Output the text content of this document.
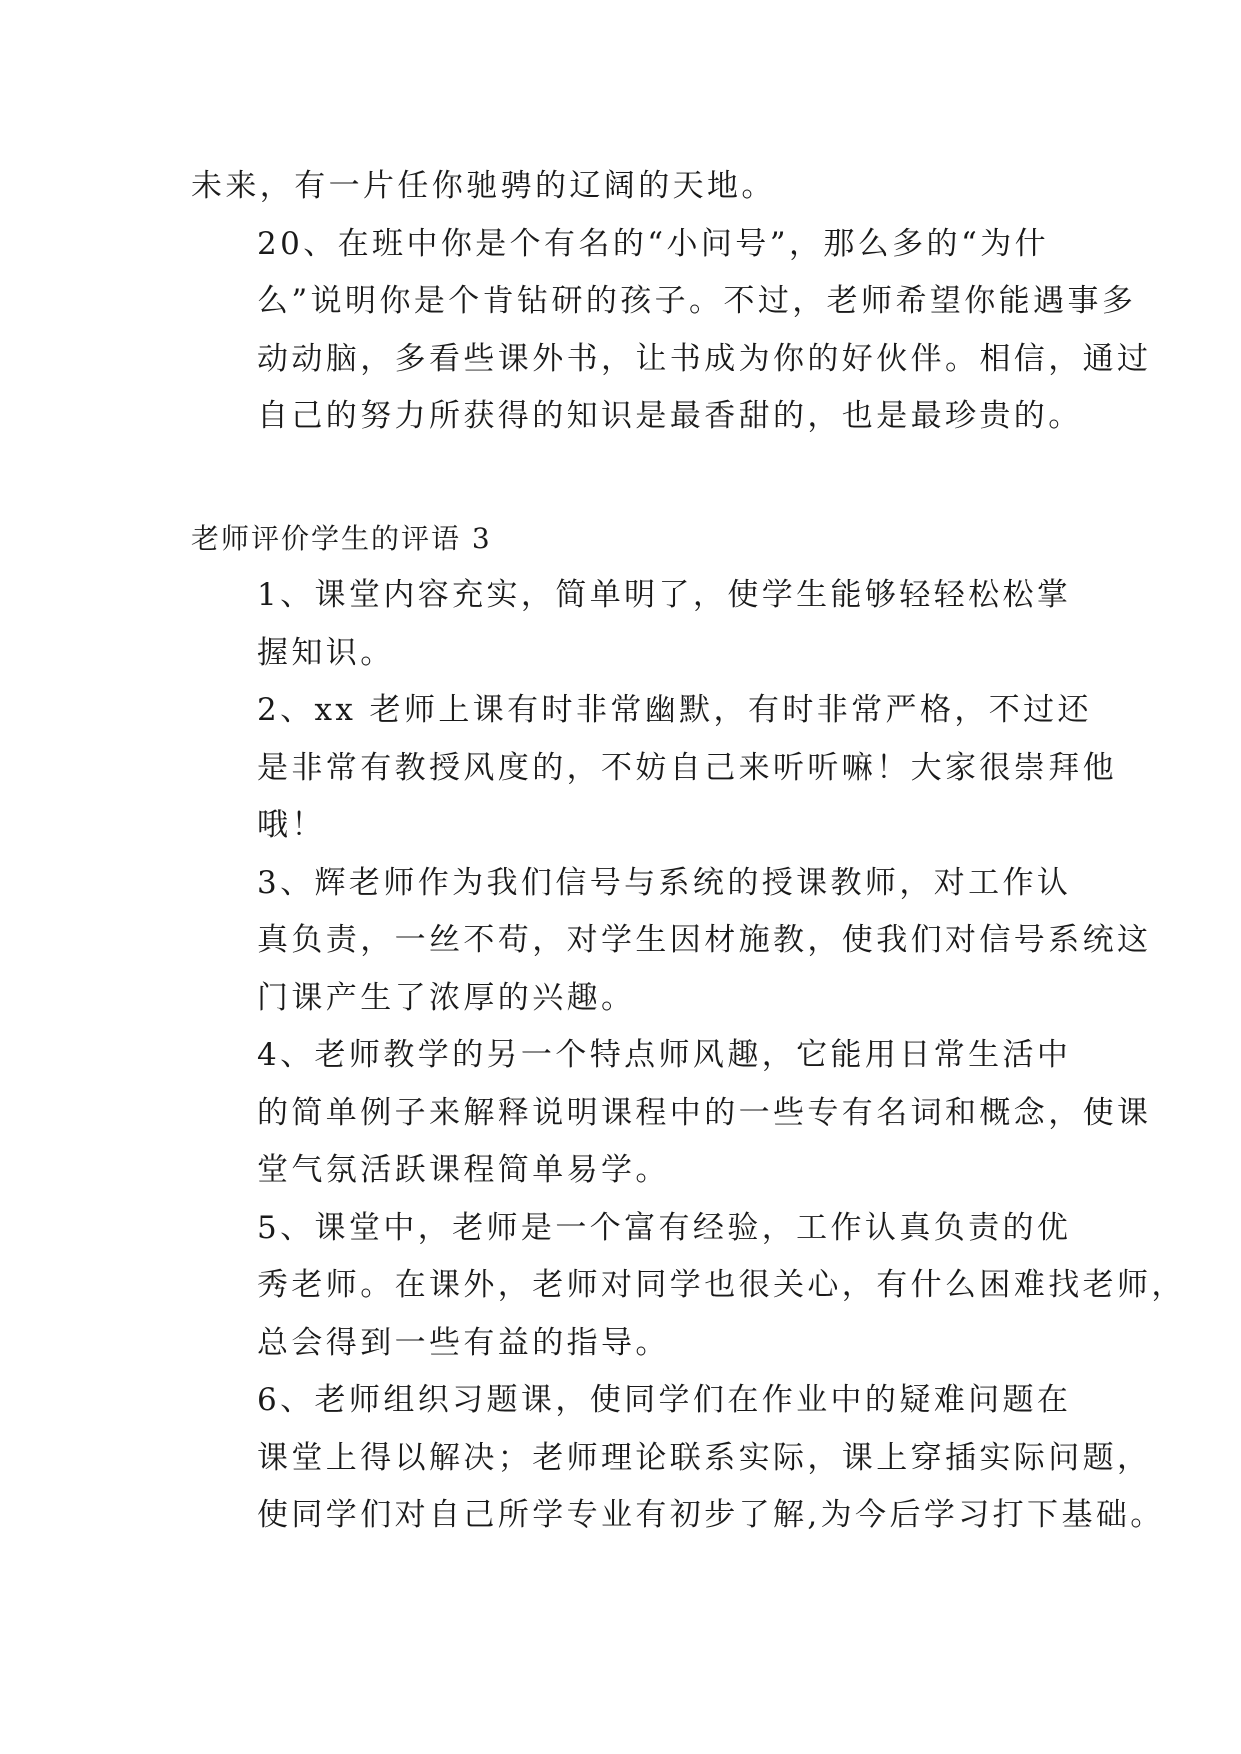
未来，有一片任你驰骋的辽阔的天地。

20、在班中你是个有名的“小问号”，那么多的“为什
么”说明你是个肯钻研的孩子。不过，老师希望你能遇事多
动动脑，多看些课外书，让书成为你的好伙伴。相信，通过
自己的努力所获得的知识是最香甜的，也是最珍贵的。

老师评价学生的评语 3

1、课堂内容充实，简单明了，使学生能够轻轻松松掌
握知识。

2、xx 老师上课有时非常幽默，有时非常严格，不过还
是非常有教授风度的，不妨自己来听听嘛！大家很崇拜他
哦！

3、辉老师作为我们信号与系统的授课教师，对工作认
真负责，一丝不苟，对学生因材施教，使我们对信号系统这
门课产生了浓厚的兴趣。

4、老师教学的另一个特点师风趣，它能用日常生活中
的简单例子来解释说明课程中的一些专有名词和概念，使课
堂气氛活跃课程简单易学。

5、课堂中，老师是一个富有经验，工作认真负责的优
秀老师。在课外，老师对同学也很关心，有什么困难找老师，
总会得到一些有益的指导。

6、老师组织习题课，使同学们在作业中的疑难问题在
课堂上得以解决；老师理论联系实际，课上穿插实际问题，
使同学们对自己所学专业有初步了解,为今后学习打下基础。
